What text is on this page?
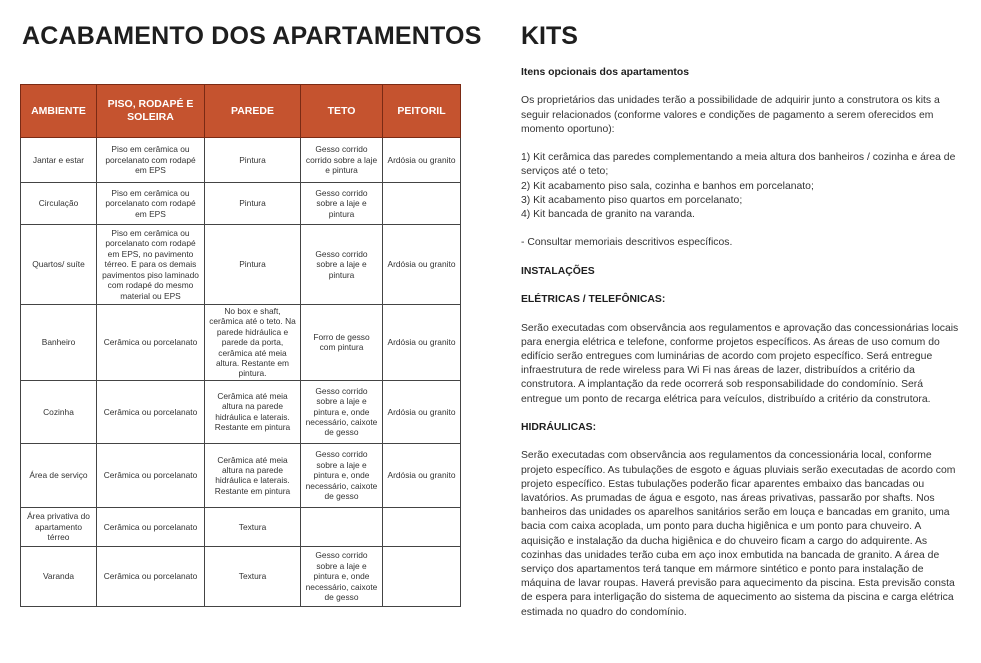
ACABAMENTO DOS APARTAMENTOS
AMBIENTE	PISO, RODAPÉ E SOLEIRA	PAREDE	TETO	PEITORIL
Jantar e estar	Piso em cerâmica ou porcelanato com rodapé em EPS	Pintura	Gesso corrido corrido sobre a laje e pintura	Ardósia ou granito
Circulação	Piso em cerâmica ou porcelanato com rodapé em EPS	Pintura	Gesso corrido sobre a laje e pintura	
Quartos/ suíte	Piso em cerâmica ou porcelanato com rodapé em EPS, no pavimento térreo. E para os demais pavimentos piso laminado com rodapé do mesmo material ou EPS	Pintura	Gesso corrido sobre a laje e pintura	Ardósia ou granito
Banheiro	Cerâmica ou porcelanato	No box e shaft, cerâmica até o teto. Na parede hidráulica e parede da porta, cerâmica até meia altura. Restante em pintura.	Forro de gesso com pintura	Ardósia ou granito
Cozinha	Cerâmica ou porcelanato	Cerâmica até meia altura na parede hidráulica e laterais. Restante em pintura	Gesso corrido sobre a laje e pintura e, onde necessário, caixote de gesso	Ardósia ou granito
Área de serviço	Cerâmica ou porcelanato	Cerâmica até meia altura na parede hidráulica e laterais. Restante em pintura	Gesso corrido sobre a laje e pintura e, onde necessário, caixote de gesso	Ardósia ou granito
Área privativa do apartamento térreo	Cerâmica ou porcelanato	Textura		
Varanda	Cerâmica ou porcelanato	Textura	Gesso corrido sobre a laje e pintura e, onde necessário, caixote de gesso	
KITS

Itens opcionais dos apartamentos

Os proprietários das unidades terão a possibilidade de adquirir junto a construtora os kits a seguir relacionados (conforme valores e condições de pagamento a serem oferecidos em momento oportuno):

1) Kit cerâmica das paredes complementando a meia altura dos banheiros / cozinha e área de serviços até o teto;

2) Kit acabamento piso sala, cozinha e banhos em porcelanato;

3) Kit acabamento piso quartos em porcelanato;

4) Kit bancada de granito na varanda.

- Consultar memoriais descritivos específicos.

INSTALAÇÕES

ELÉTRICAS / TELEFÔNICAS:

Serão executadas com observância aos regulamentos e aprovação das concessionárias locais para energia elétrica e telefone, conforme projetos específicos. As áreas de uso comum do edifício serão entregues com luminárias de acordo com projeto específico. Será entregue infraestrutura de rede wireless para Wi Fi nas áreas de lazer, distribuídos a critério da construtora. A implantação da rede ocorrerá sob responsabilidade do condomínio. Será entregue um ponto de recarga elétrica para veículos, distribuído a critério da construtora.

HIDRÁULICAS:

Serão executadas com observância aos regulamentos da concessionária local, conforme projeto específico. As tubulações de esgoto e águas pluviais serão executadas de acordo com projeto específico. Estas tubulações poderão ficar aparentes embaixo das bancadas ou lavatórios. As prumadas de água e esgoto, nas áreas privativas, passarão por shafts. Nos banheiros das unidades os aparelhos sanitários serão em louça e bancadas em granito, uma bacia com caixa acoplada, um ponto para ducha higiênica e um ponto para chuveiro. A aquisição e instalação da ducha higiênica e do chuveiro ficam a cargo do adquirente. As cozinhas das unidades terão cuba em aço inox embutida na bancada de granito. A área de serviço dos apartamentos terá tanque em mármore sintético e ponto para instalação de máquina de lavar roupas. Haverá previsão para aquecimento da piscina. Esta previsão consta de espera para interligação do sistema de aquecimento ao sistema da piscina e carga elétrica estimada no quadro do condomínio.
